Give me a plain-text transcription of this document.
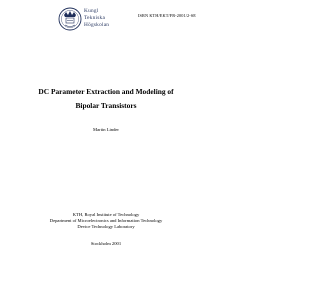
Kungl
Tekniska
Högskolan
ISRN KTH/EKT/FR-2001/2-SE
DC Parameter Extraction and Modeling of
Bipolar Transistors
Martin Linder
KTH, Royal Institute of Technology
Department of Microelectronics and Information Technology
Device Technology Laboratory
Stockholm 2001
